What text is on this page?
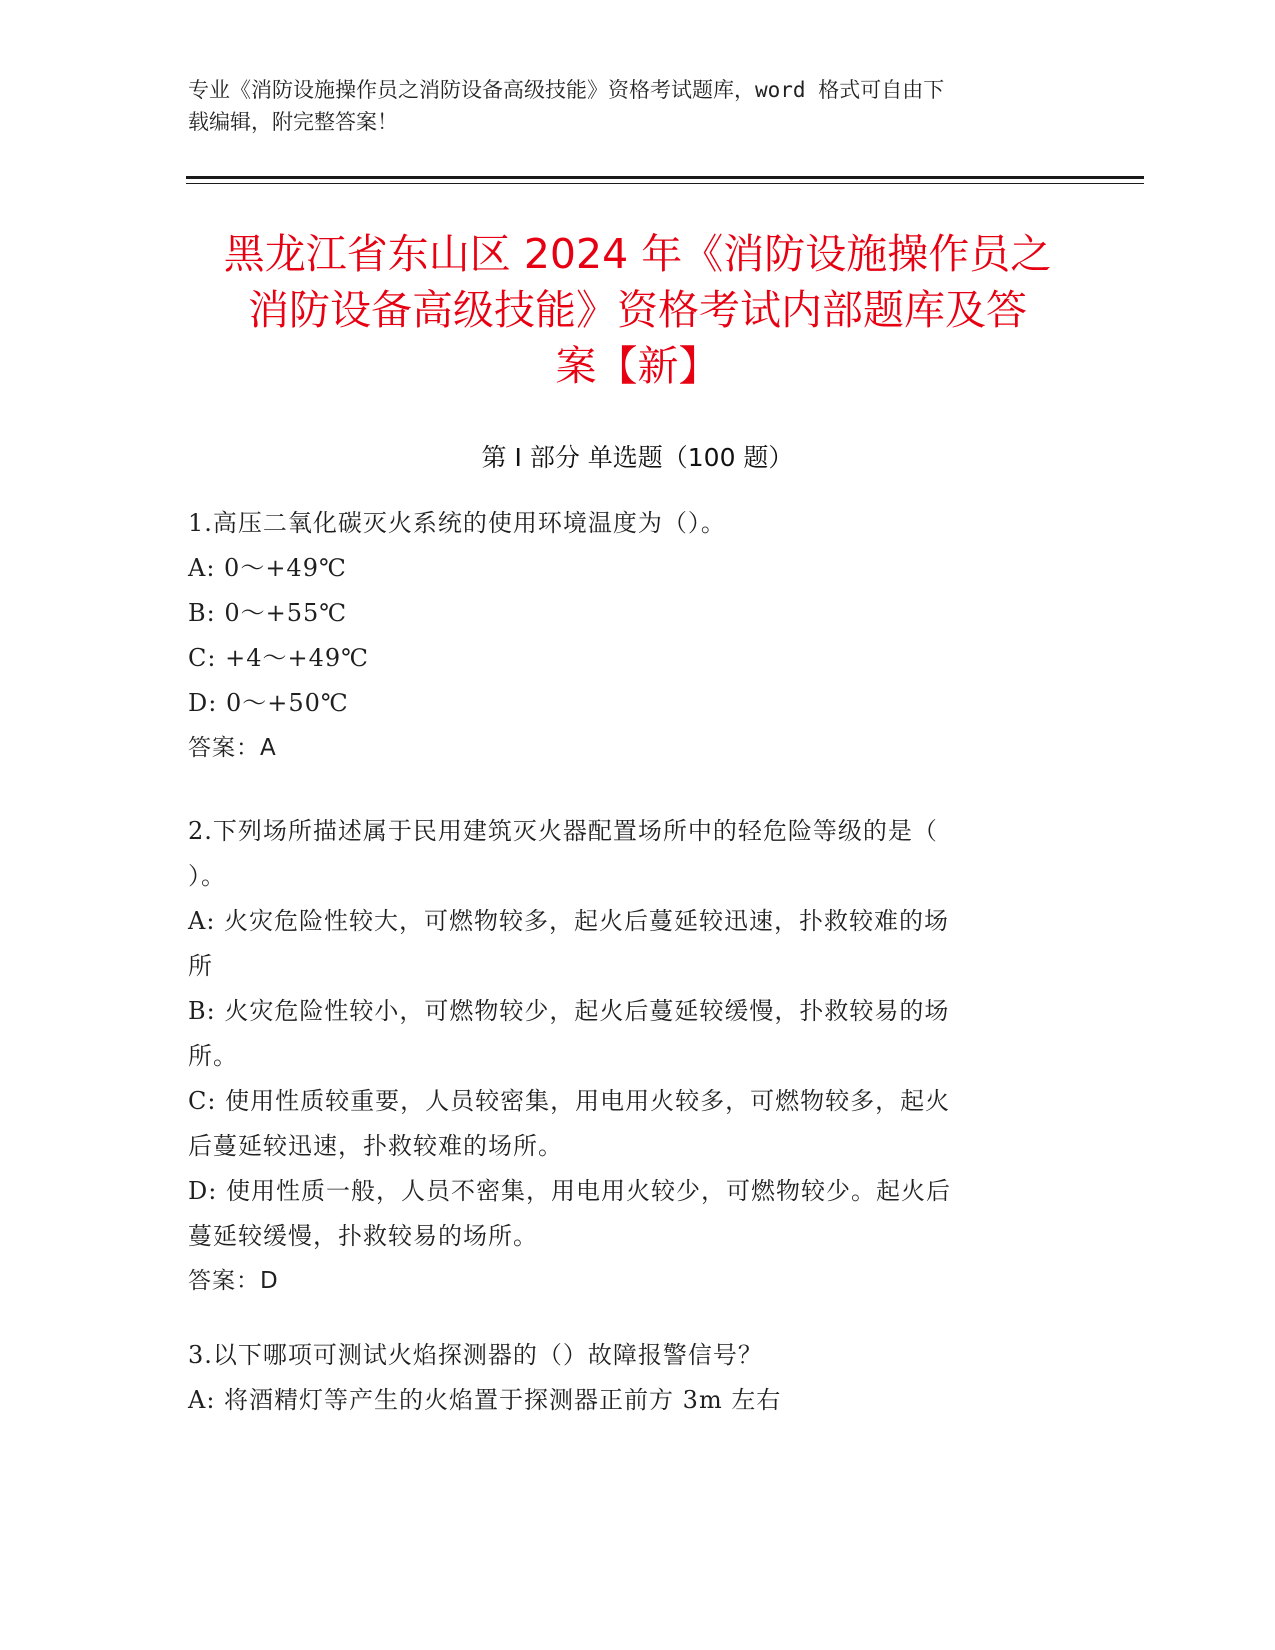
专业《消防设施操作员之消防设备高级技能》资格考试题库，word 格式可自由下
载编辑，附完整答案！
黑龙江省东山区 2024 年《消防设施操作员之
消防设备高级技能》资格考试内部题库及答
案【新】
第 I 部分 单选题（100 题）
1.高压二氧化碳灭火系统的使用环境温度为（）。
A: 0～+49℃
B: 0～+55℃
C: +4～+49℃
D: 0～+50℃
答案：A
2.下列场所描述属于民用建筑灭火器配置场所中的轻危险等级的是（
）。
A: 火灾危险性较大，可燃物较多，起火后蔓延较迅速，扑救较难的场
所
B: 火灾危险性较小，可燃物较少，起火后蔓延较缓慢，扑救较易的场
所。
C: 使用性质较重要，人员较密集，用电用火较多，可燃物较多，起火
后蔓延较迅速，扑救较难的场所。
D: 使用性质一般，人员不密集，用电用火较少，可燃物较少。起火后
蔓延较缓慢，扑救较易的场所。
答案：D
3.以下哪项可测试火焰探测器的（）故障报警信号？
A: 将酒精灯等产生的火焰置于探测器正前方 3m 左右
